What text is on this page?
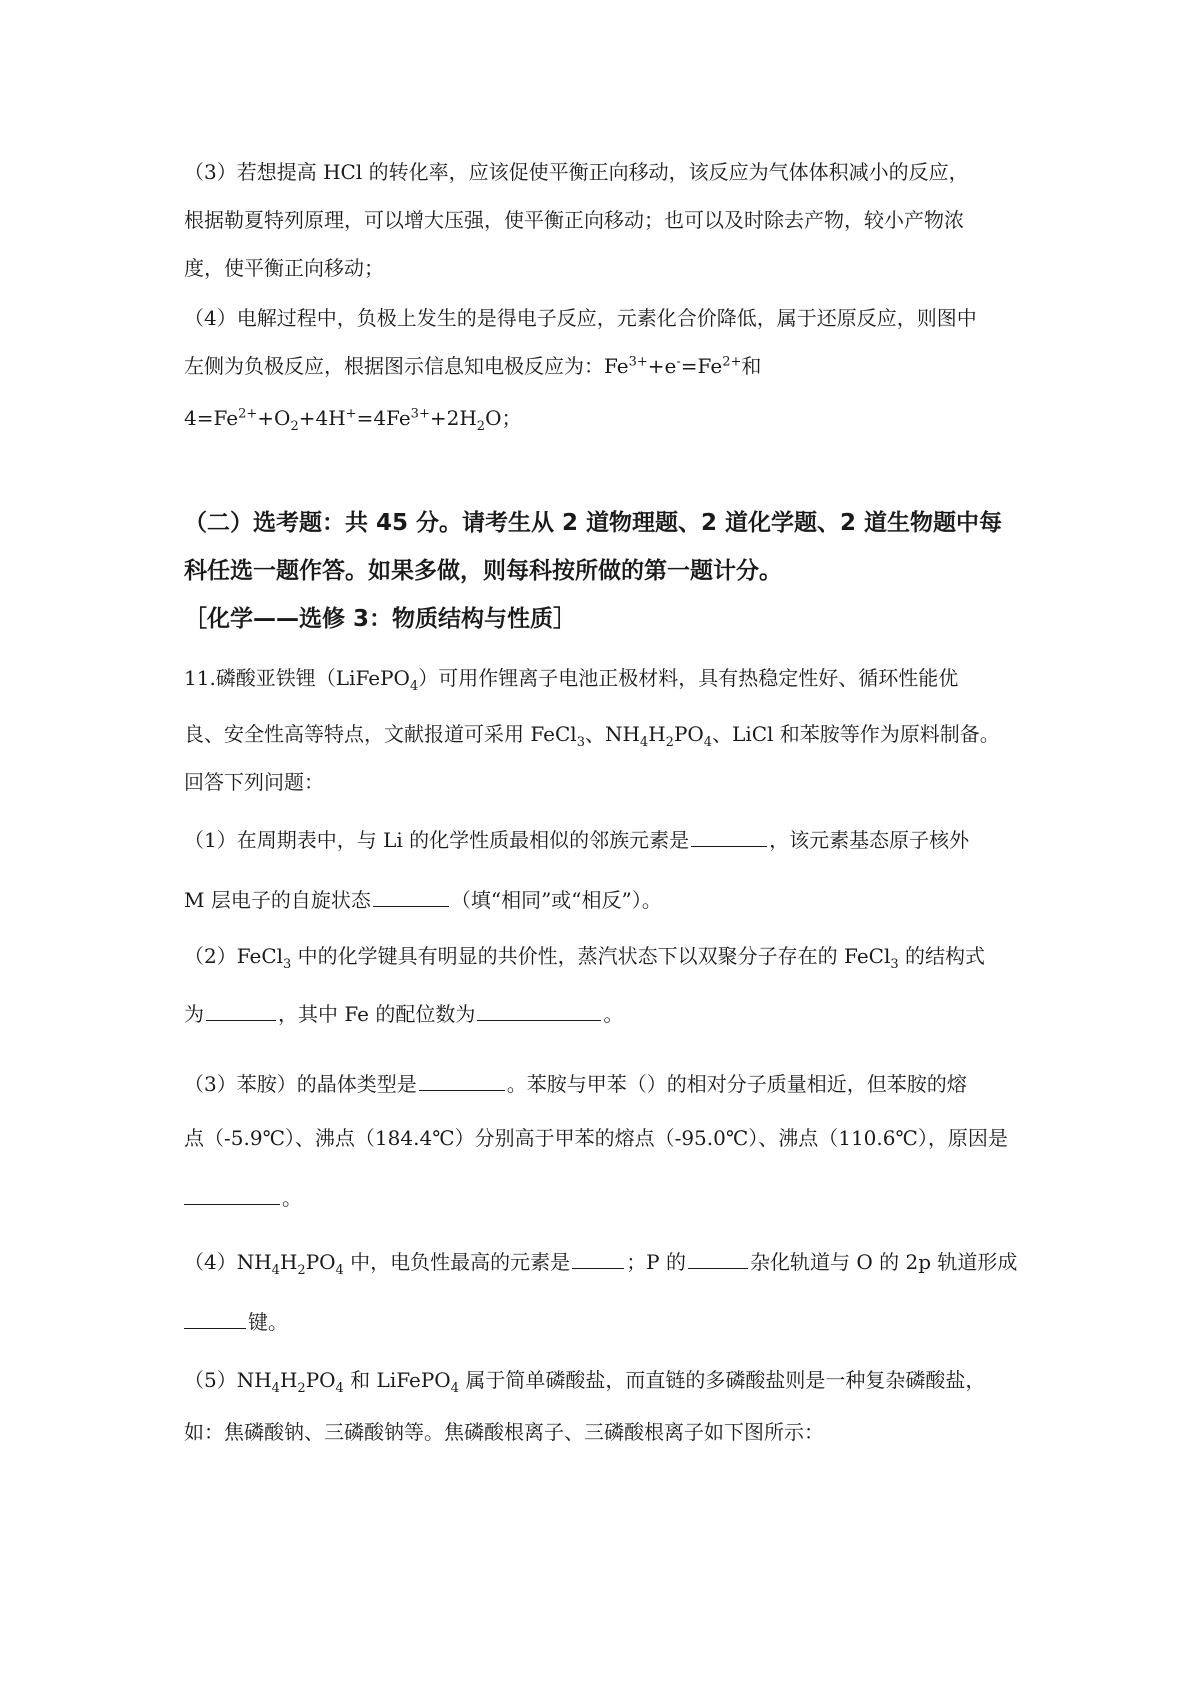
（3）若想提高 HCl 的转化率，应该促使平衡正向移动，该反应为气体体积减小的反应，
根据勒夏特列原理，可以增大压强，使平衡正向移动；也可以及时除去产物，较小产物浓
度，使平衡正向移动；
（4）电解过程中，负极上发生的是得电子反应，元素化合价降低，属于还原反应，则图中
左侧为负极反应，根据图示信息知电极反应为：$Fe^{3+}+e^-=Fe^{2+}$和
$4=Fe^{2+}+O_2+4H^+=4Fe^{3+}+2H_2O$；
（二）选考题：共 45 分。请考生从 2 道物理题、2 道化学题、2 道生物题中每
科任选一题作答。如果多做，则每科按所做的第一题计分。
［化学——选修 3：物质结构与性质］
11.磷酸亚铁锂（LiFePO$_4$）可用作锂离子电池正极材料，具有热稳定性好、循环性能优
良、安全性高等特点，文献报道可采用 FeCl$_3$、$NH_4H_2PO_4$、LiCl 和苯胺等作为原料制备。
回答下列问题：
（1）在周期表中，与 Li 的化学性质最相似的邻族元素是	，该元素基态原子核外
M 层电子的自旋状态	（填“相同”或“相反”）。
（2）FeCl$_3$ 中的化学键具有明显的共价性，蒸汽状态下以双聚分子存在的 FeCl$_3$ 的结构式
为	，其中 Fe 的配位数为	。
（3）苯胺）的晶体类型是	。苯胺与甲苯（）的相对分子质量相近，但苯胺的熔
点（-5.9℃）、沸点（184.4℃）分别高于甲苯的熔点（-95.0℃）、沸点（110.6℃），原因是
。
$(4)NH_4H_2PO_4$ 中，电负性最高的元素是	；P 的	杂化轨道与 O 的 2p 轨道形成
键。
$(5)NH_4H_2PO_4$ 和 LiFePO$_4$ 属于简单磷酸盐，而直链的多磷酸盐则是一种复杂磷酸盐，
如：焦磷酸钠、三磷酸钠等。焦磷酸根离子、三磷酸根离子如下图所示：
